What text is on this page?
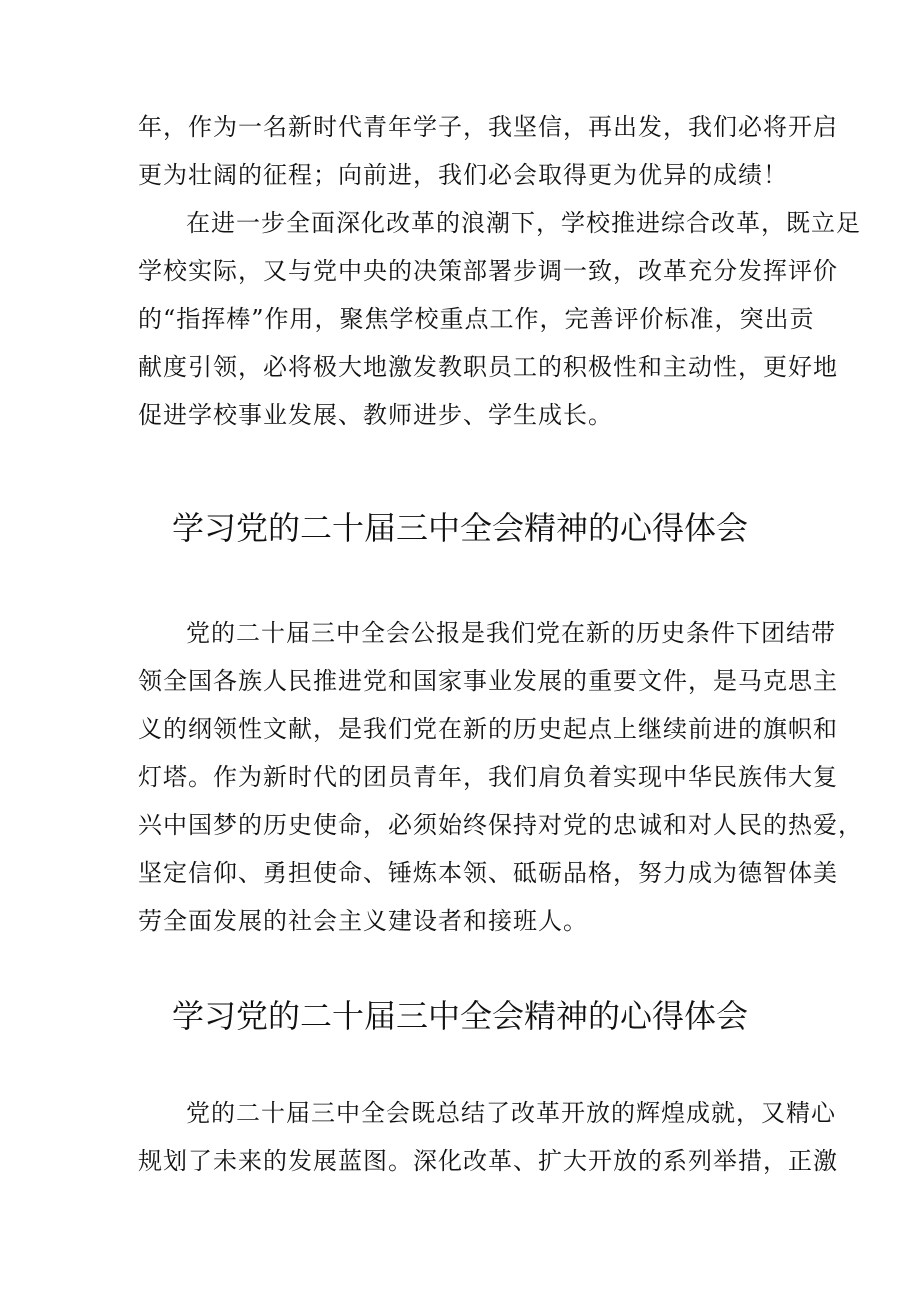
年，作为一名新时代青年学子，我坚信，再出发，我们必将开启
更为壮阔的征程；向前进，我们必会取得更为优异的成绩！
在进一步全面深化改革的浪潮下，学校推进综合改革，既立足
学校实际，又与党中央的决策部署步调一致，改革充分发挥评价
的“指挥棒”作用，聚焦学校重点工作，完善评价标准，突出贡
献度引领，必将极大地激发教职员工的积极性和主动性，更好地
促进学校事业发展、教师进步、学生成长。
学习党的二十届三中全会精神的心得体会
党的二十届三中全会公报是我们党在新的历史条件下团结带
领全国各族人民推进党和国家事业发展的重要文件，是马克思主
义的纲领性文献，是我们党在新的历史起点上继续前进的旗帜和
灯塔。作为新时代的团员青年，我们肩负着实现中华民族伟大复
兴中国梦的历史使命，必须始终保持对党的忠诚和对人民的热爱，
坚定信仰、勇担使命、锤炼本领、砥砺品格，努力成为德智体美
劳全面发展的社会主义建设者和接班人。
学习党的二十届三中全会精神的心得体会
党的二十届三中全会既总结了改革开放的辉煌成就，又精心
规划了未来的发展蓝图。深化改革、扩大开放的系列举措，正激
